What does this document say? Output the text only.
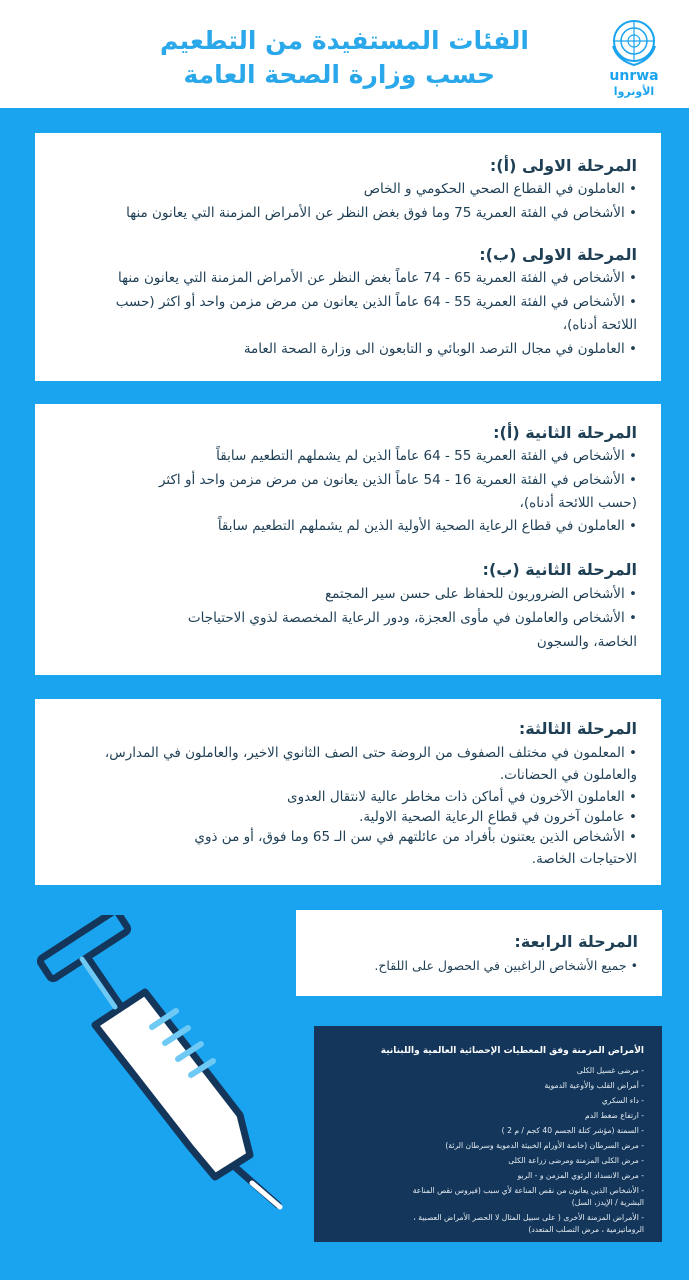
الفئات المستفيدة من التطعيم
حسب وزارة الصحة العامة	unrwa
الأونروا
المرحلة الاولى (أ):
• العاملون في القطاع الصحي الحكومي و الخاص
• الأشخاص في الفئة العمرية 75 وما فوق بغض النظر عن الأمراض المزمنة التي يعانون منها
المرحلة الاولى (ب):
• الأشخاص في الفئة العمرية 65 - 74 عاماً بغض النظر عن الأمراض المزمنة التي يعانون منها
• الأشخاص في الفئة العمرية 55 - 64 عاماً الذين يعانون من مرض مزمن واحد أو اكثر (حسب
اللائحة أدناه)،
• العاملون في مجال الترصد الوبائي و التابعون الى وزارة الصحة العامة
المرحلة الثانية (أ):
• الأشخاص في الفئة العمرية 55 - 64 عاماً الذين لم يشملهم التطعيم سابقاً
• الأشخاص في الفئة العمرية 16 - 54 عاماً الذين يعانون من مرض مزمن واحد أو اكثر
(حسب اللائحة أدناه)،
• العاملون في قطاع الرعاية الصحية الأولية الذين لم يشملهم التطعيم سابقاً
المرحلة الثانية (ب):
• الأشخاص الضروريون للحفاظ على حسن سير المجتمع
• الأشخاص والعاملون في مأوى العجزة، ودور الرعاية المخصصة لذوي الاحتياجات
الخاصة، والسجون
المرحلة الثالثة:
• المعلمون في مختلف الصفوف من الروضة حتى الصف الثانوي الاخير، والعاملون في المدارس،
والعاملون في الحضانات.
• العاملون الآخرون في أماكن ذات مخاطر عالية لانتقال العدوى
• عاملون آخرون في قطاع الرعاية الصحية الاولية.
• الأشخاص الذين يعتنون بأفراد من عائلتهم في سن الـ 65 وما فوق، أو من ذوي
الاحتياجات الخاصة.
المرحلة الرابعة:
• جميع الأشخاص الراغبين في الحصول على اللقاح.
الأمراض المزمنة وفق المعطيات الإحصائية العالمية واللبنانية
- مرضى غسيل الكلى
- أمراض القلب والأوعية الدموية
- داء السكري
- ارتفاع ضغط الدم
- السمنة (مؤشر كتلة الجسم 40 كجم / م 2 )
- مرض السرطان (خاصة الأورام الخبيثة الدموية وسرطان الرئة)
- مرض الكلى المزمنة ومرضى زراعة الكلى
- مرض الانسداد الرئوي المزمن و - الربو
- الأشخاص الذين يعانون من نقص المناعة لأي سبب (فيروس نقص المناعة
البشرية / الإيدز، السل)
- الأمراض المزمنة الأخرى ( على سبيل المثال لا الحصر الأمراض العصبية ،
الروماتيزمية ، مرض التصلب المتعدد)
